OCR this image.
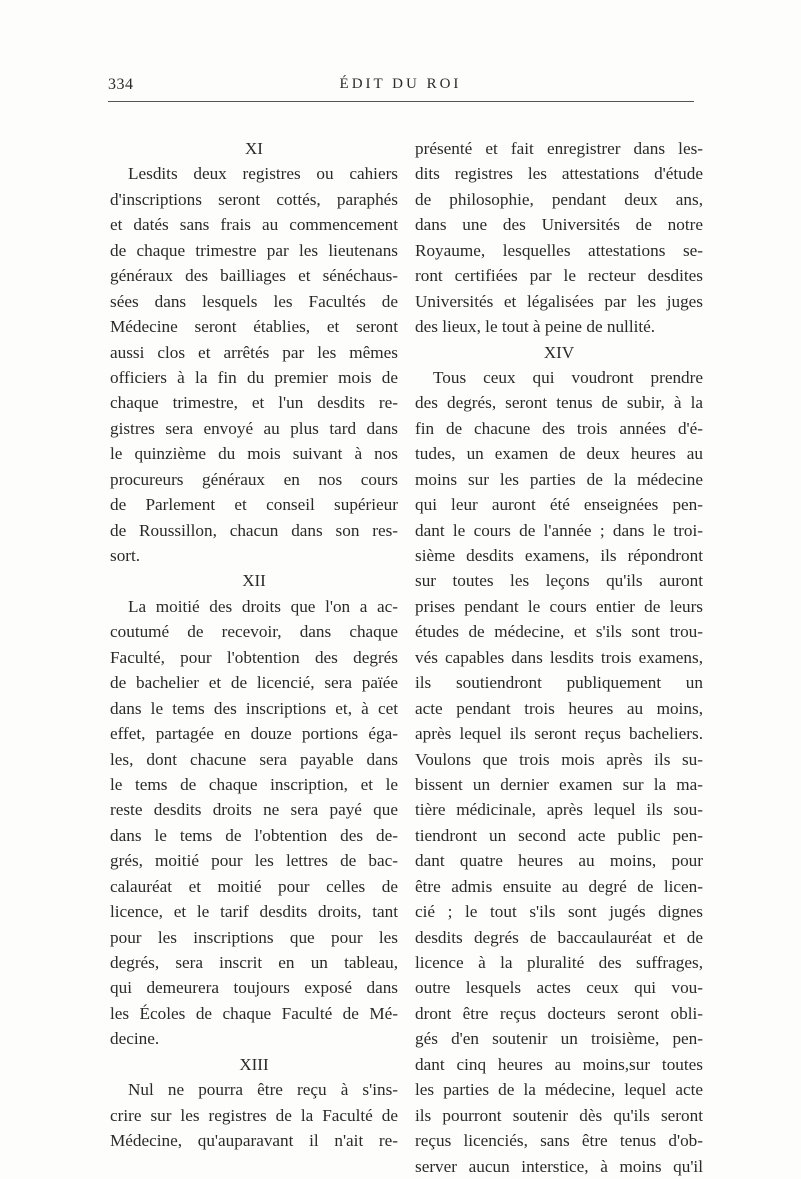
334	ÉDIT DU ROI
XI
Lesdits deux registres ou cahiers
d'inscriptions seront cottés, paraphés
et datés sans frais au commencement
de chaque trimestre par les lieutenans
généraux des bailliages et sénéchaus-
sées dans lesquels les Facultés de
Médecine seront établies, et seront
aussi clos et arrêtés par les mêmes
officiers à la fin du premier mois de
chaque trimestre, et l'un desdits re-
gistres sera envoyé au plus tard dans
le quinzième du mois suivant à nos
procureurs généraux en nos cours
de Parlement et conseil supérieur
de Roussillon, chacun dans son res-
sort.
XII
La moitié des droits que l'on a ac-
coutumé de recevoir, dans chaque
Faculté, pour l'obtention des degrés
de bachelier et de licencié, sera païée
dans le tems des inscriptions et, à cet
effet, partagée en douze portions éga-
les, dont chacune sera payable dans
le tems de chaque inscription, et le
reste desdits droits ne sera payé que
dans le tems de l'obtention des de-
grés, moitié pour les lettres de bac-
calauréat et moitié pour celles de
licence, et le tarif desdits droits, tant
pour les inscriptions que pour les
degrés, sera inscrit en un tableau,
qui demeurera toujours exposé dans
les Écoles de chaque Faculté de Mé-
decine.
XIII
Nul ne pourra être reçu à s'ins-
crire sur les registres de la Faculté de
Médecine, qu'auparavant il n'ait re-
présenté et fait enregistrer dans les-
dits registres les attestations d'étude
de philosophie, pendant deux ans,
dans une des Universités de notre
Royaume, lesquelles attestations se-
ront certifiées par le recteur desdites
Universités et légalisées par les juges
des lieux, le tout à peine de nullité.
XIV
Tous ceux qui voudront prendre
des degrés, seront tenus de subir, à la
fin de chacune des trois années d'é-
tudes, un examen de deux heures au
moins sur les parties de la médecine
qui leur auront été enseignées pen-
dant le cours de l'année ; dans le troi-
sième desdits examens, ils répondront
sur toutes les leçons qu'ils auront
prises pendant le cours entier de leurs
études de médecine, et s'ils sont trou-
vés capables dans lesdits trois examens,
ils soutiendront publiquement un
acte pendant trois heures au moins,
après lequel ils seront reçus bacheliers.
Voulons que trois mois après ils su-
bissent un dernier examen sur la ma-
tière médicinale, après lequel ils sou-
tiendront un second acte public pen-
dant quatre heures au moins, pour
être admis ensuite au degré de licen-
cié ; le tout s'ils sont jugés dignes
desdits degrés de baccaulauréat et de
licence à la pluralité des suffrages,
outre lesquels actes ceux qui vou-
dront être reçus docteurs seront obli-
gés d'en soutenir un troisième, pen-
dant cinq heures au moins,sur toutes
les parties de la médecine, lequel acte
ils pourront soutenir dès qu'ils seront
reçus licenciés, sans être tenus d'ob-
server aucun interstice, à moins qu'il
